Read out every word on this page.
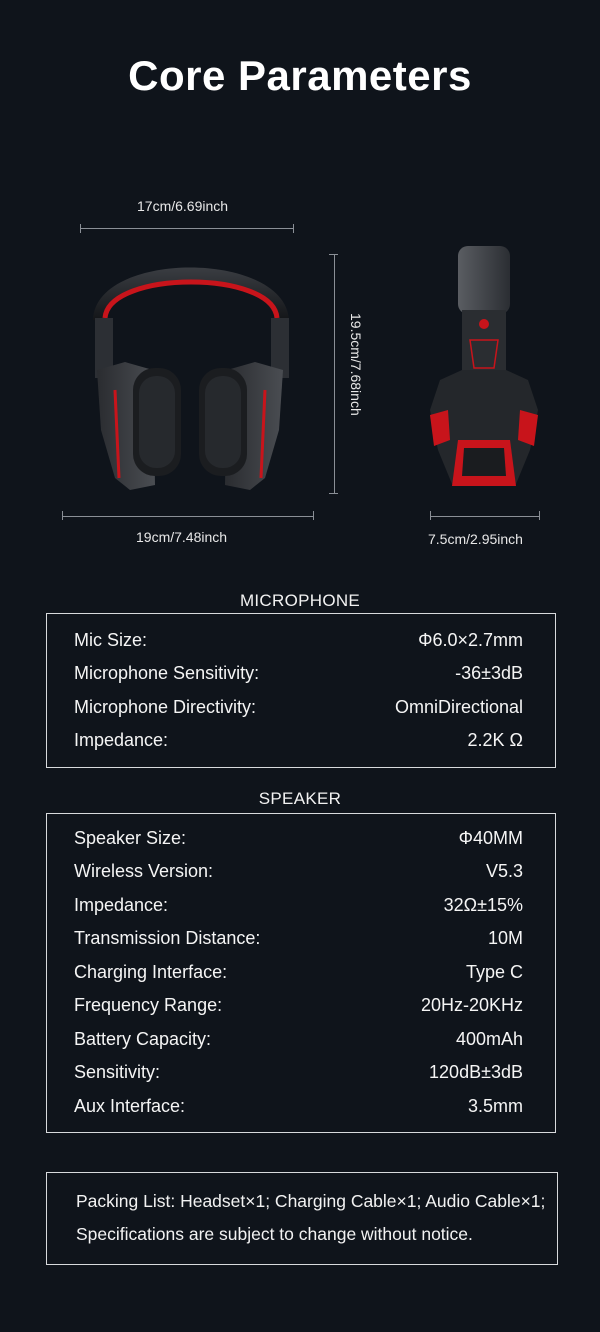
Core Parameters
17cm/6.69inch
19.5cm/7.68inch
19cm/7.48inch	7.5cm/2.95inch
MICROPHONE
Mic Size:	Φ6.0×2.7mm
Microphone Sensitivity:	-36±3dB
Microphone Directivity:	OmniDirectional
Impedance:	2.2K Ω
SPEAKER
Speaker Size:	Φ40MM
Wireless Version:	V5.3
Impedance:	32Ω±15%
Transmission Distance:	10M
Charging Interface:	Type C
Frequency Range:	20Hz-20KHz
Battery Capacity:	400mAh
Sensitivity:	120dB±3dB
Aux Interface:	3.5mm
Packing List: Headset×1; Charging Cable×1; Audio Cable×1;
Specifications are subject to change without notice.
